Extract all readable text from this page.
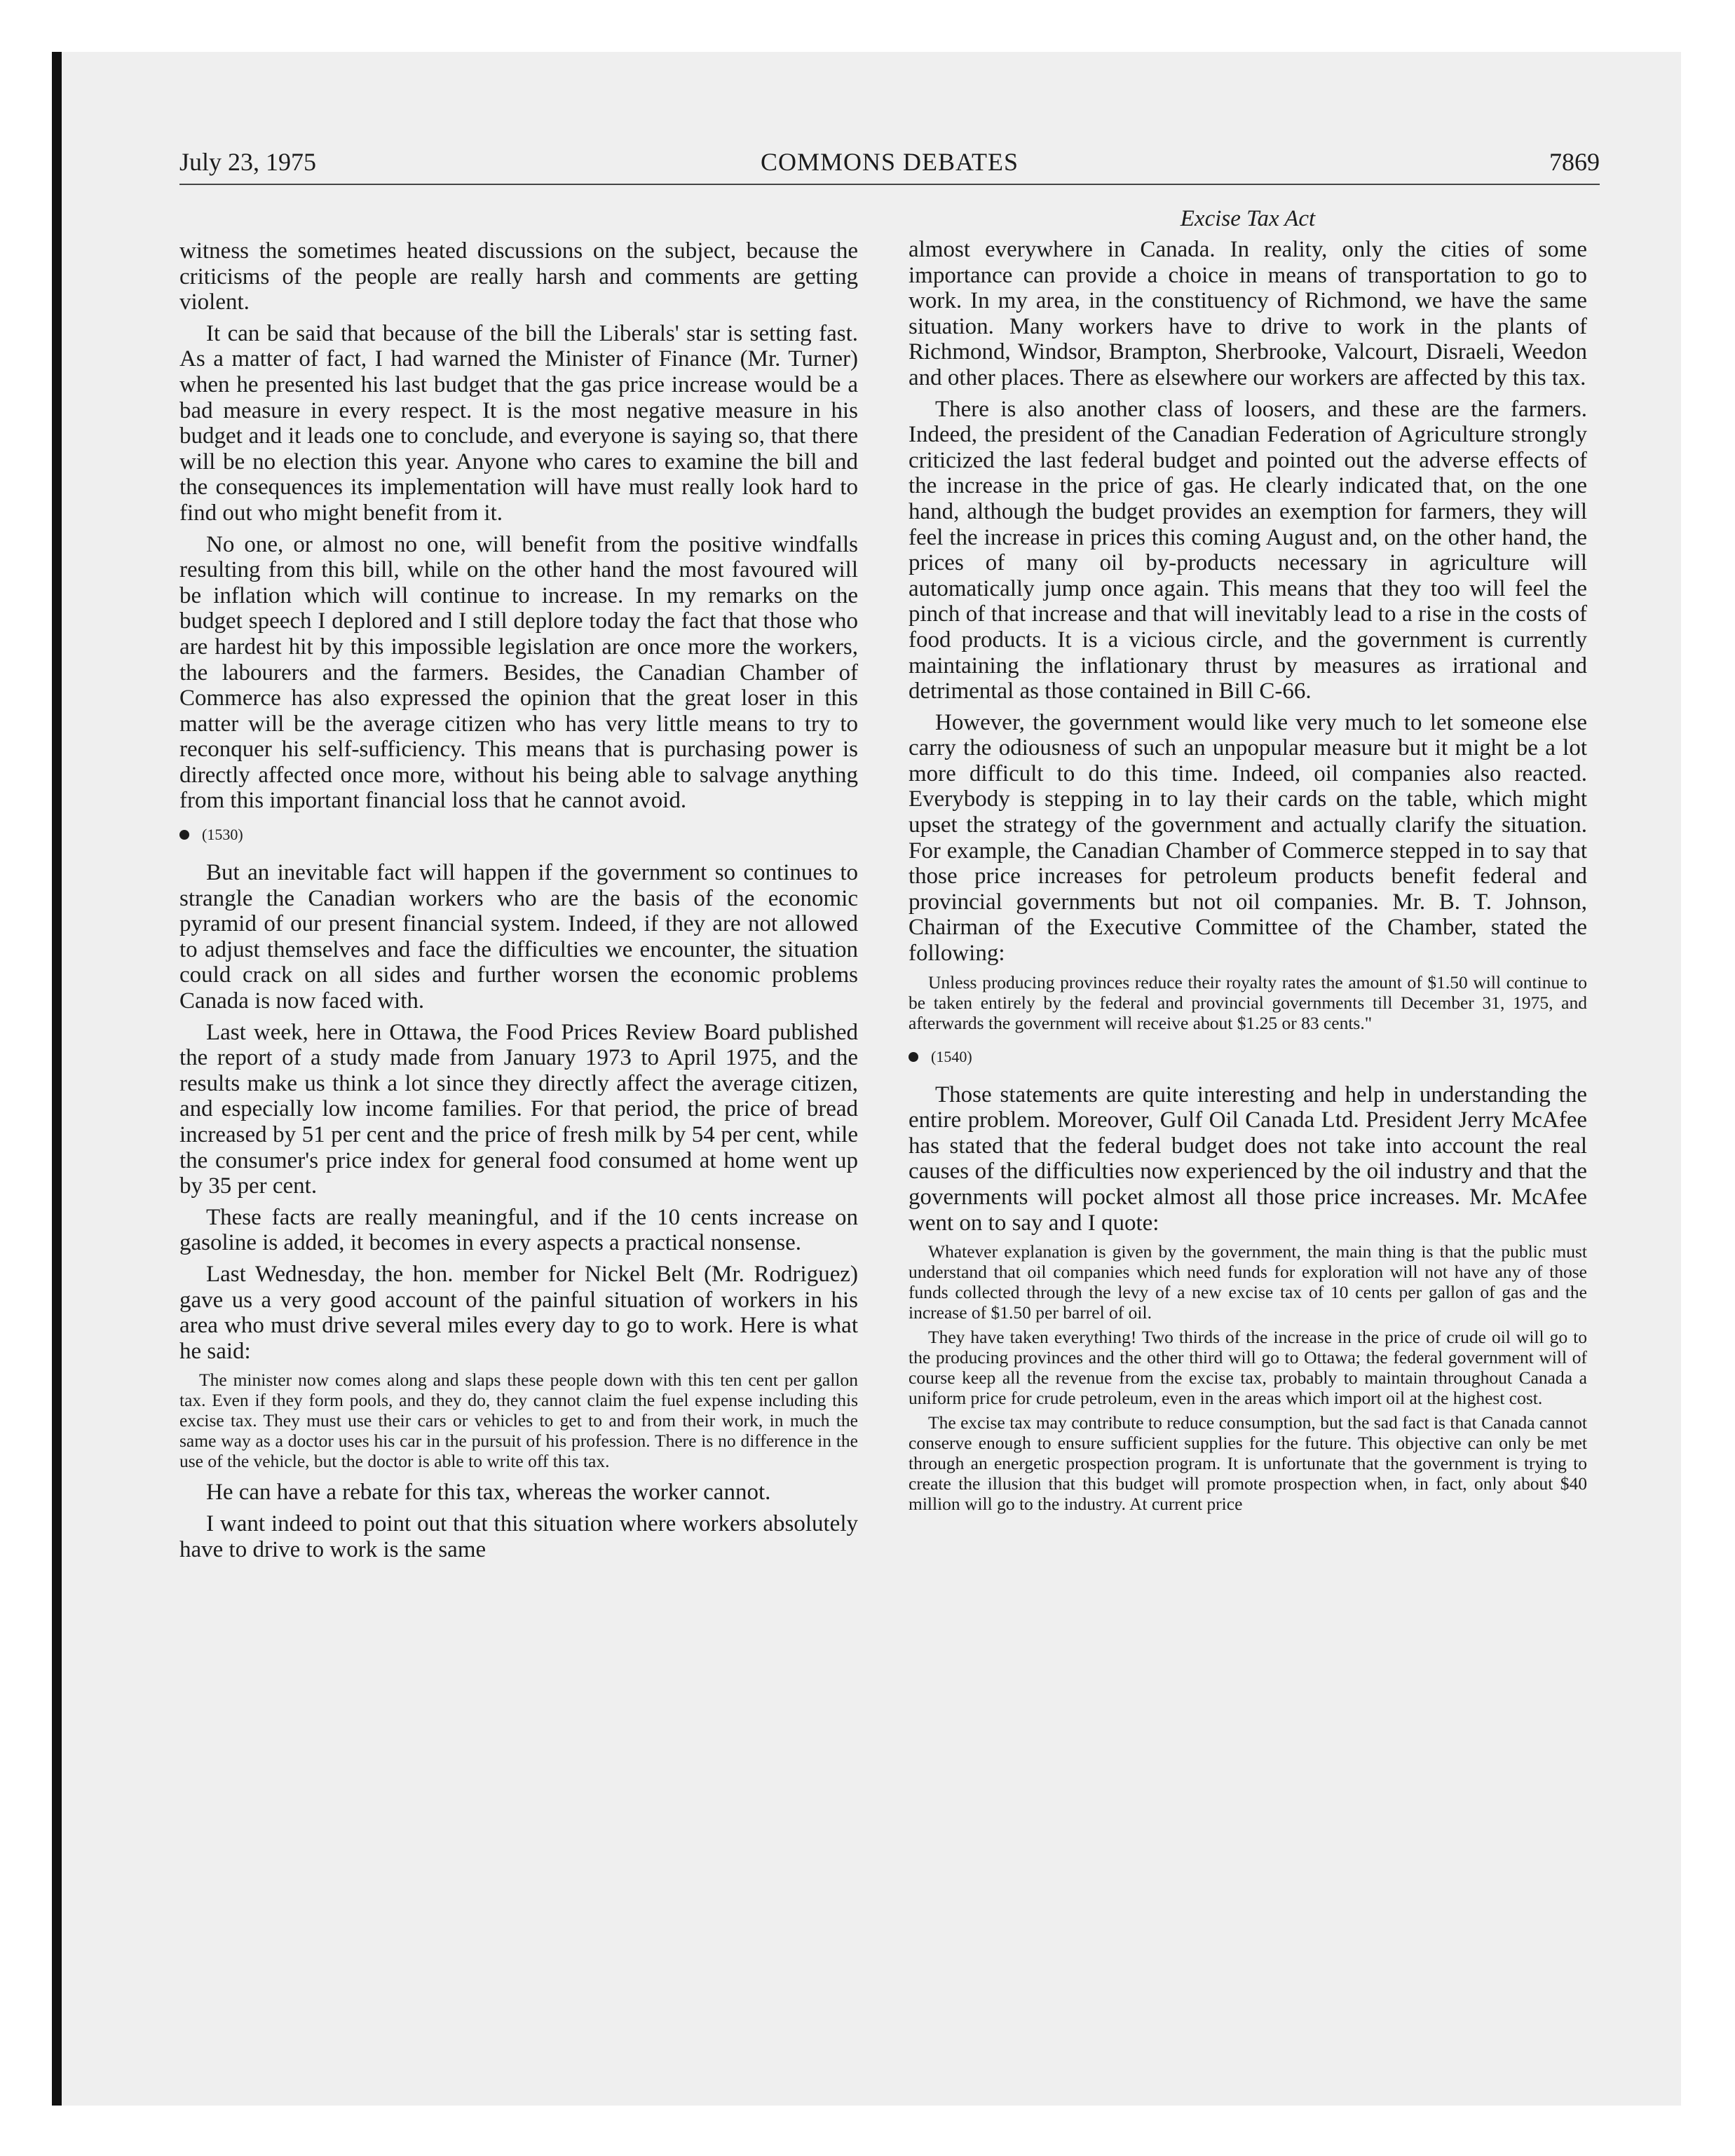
July 23, 1975	COMMONS DEBATES	7869

witness the sometimes heated discussions on the subject, because the criticisms of the people are really harsh and comments are getting violent.

It can be said that because of the bill the Liberals' star is setting fast. As a matter of fact, I had warned the Minister of Finance (Mr. Turner) when he presented his last budget that the gas price increase would be a bad measure in every respect. It is the most negative measure in his budget and it leads one to conclude, and everyone is saying so, that there will be no election this year. Anyone who cares to examine the bill and the consequences its implementation will have must really look hard to find out who might benefit from it.

No one, or almost no one, will benefit from the positive windfalls resulting from this bill, while on the other hand the most favoured will be inflation which will continue to increase. In my remarks on the budget speech I deplored and I still deplore today the fact that those who are hardest hit by this impossible legislation are once more the workers, the labourers and the farmers. Besides, the Canadian Chamber of Commerce has also expressed the opinion that the great loser in this matter will be the average citizen who has very little means to try to reconquer his self-sufficiency. This means that is purchasing power is directly affected once more, without his being able to salvage anything from this important financial loss that he cannot avoid.

(1530)

But an inevitable fact will happen if the government so continues to strangle the Canadian workers who are the basis of the economic pyramid of our present financial system. Indeed, if they are not allowed to adjust themselves and face the difficulties we encounter, the situation could crack on all sides and further worsen the economic problems Canada is now faced with.

Last week, here in Ottawa, the Food Prices Review Board published the report of a study made from January 1973 to April 1975, and the results make us think a lot since they directly affect the average citizen, and especially low income families. For that period, the price of bread increased by 51 per cent and the price of fresh milk by 54 per cent, while the consumer's price index for general food consumed at home went up by 35 per cent.

These facts are really meaningful, and if the 10 cents increase on gasoline is added, it becomes in every aspects a practical nonsense.

Last Wednesday, the hon. member for Nickel Belt (Mr. Rodriguez) gave us a very good account of the painful situation of workers in his area who must drive several miles every day to go to work. Here is what he said:

The minister now comes along and slaps these people down with this ten cent per gallon tax. Even if they form pools, and they do, they cannot claim the fuel expense including this excise tax. They must use their cars or vehicles to get to and from their work, in much the same way as a doctor uses his car in the pursuit of his profession. There is no difference in the use of the vehicle, but the doctor is able to write off this tax.

He can have a rebate for this tax, whereas the worker cannot.

I want indeed to point out that this situation where workers absolutely have to drive to work is the same

Excise Tax Act

almost everywhere in Canada. In reality, only the cities of some importance can provide a choice in means of transportation to go to work. In my area, in the constituency of Richmond, we have the same situation. Many workers have to drive to work in the plants of Richmond, Windsor, Brampton, Sherbrooke, Valcourt, Disraeli, Weedon and other places. There as elsewhere our workers are affected by this tax.

There is also another class of loosers, and these are the farmers. Indeed, the president of the Canadian Federation of Agriculture strongly criticized the last federal budget and pointed out the adverse effects of the increase in the price of gas. He clearly indicated that, on the one hand, although the budget provides an exemption for farmers, they will feel the increase in prices this coming August and, on the other hand, the prices of many oil by-products necessary in agriculture will automatically jump once again. This means that they too will feel the pinch of that increase and that will inevitably lead to a rise in the costs of food products. It is a vicious circle, and the government is currently maintaining the inflationary thrust by measures as irrational and detrimental as those contained in Bill C-66.

However, the government would like very much to let someone else carry the odiousness of such an unpopular measure but it might be a lot more difficult to do this time. Indeed, oil companies also reacted. Everybody is stepping in to lay their cards on the table, which might upset the strategy of the government and actually clarify the situation. For example, the Canadian Chamber of Commerce stepped in to say that those price increases for petroleum products benefit federal and provincial governments but not oil companies. Mr. B. T. Johnson, Chairman of the Executive Committee of the Chamber, stated the following:

Unless producing provinces reduce their royalty rates the amount of $1.50 will continue to be taken entirely by the federal and provincial governments till December 31, 1975, and afterwards the government will receive about $1.25 or 83 cents."

(1540)

Those statements are quite interesting and help in understanding the entire problem. Moreover, Gulf Oil Canada Ltd. President Jerry McAfee has stated that the federal budget does not take into account the real causes of the difficulties now experienced by the oil industry and that the governments will pocket almost all those price increases. Mr. McAfee went on to say and I quote:

Whatever explanation is given by the government, the main thing is that the public must understand that oil companies which need funds for exploration will not have any of those funds collected through the levy of a new excise tax of 10 cents per gallon of gas and the increase of $1.50 per barrel of oil.

They have taken everything! Two thirds of the increase in the price of crude oil will go to the producing provinces and the other third will go to Ottawa; the federal government will of course keep all the revenue from the excise tax, probably to maintain throughout Canada a uniform price for crude petroleum, even in the areas which import oil at the highest cost.

The excise tax may contribute to reduce consumption, but the sad fact is that Canada cannot conserve enough to ensure sufficient supplies for the future. This objective can only be met through an energetic prospection program. It is unfortunate that the government is trying to create the illusion that this budget will promote prospection when, in fact, only about $40 million will go to the industry. At current price
